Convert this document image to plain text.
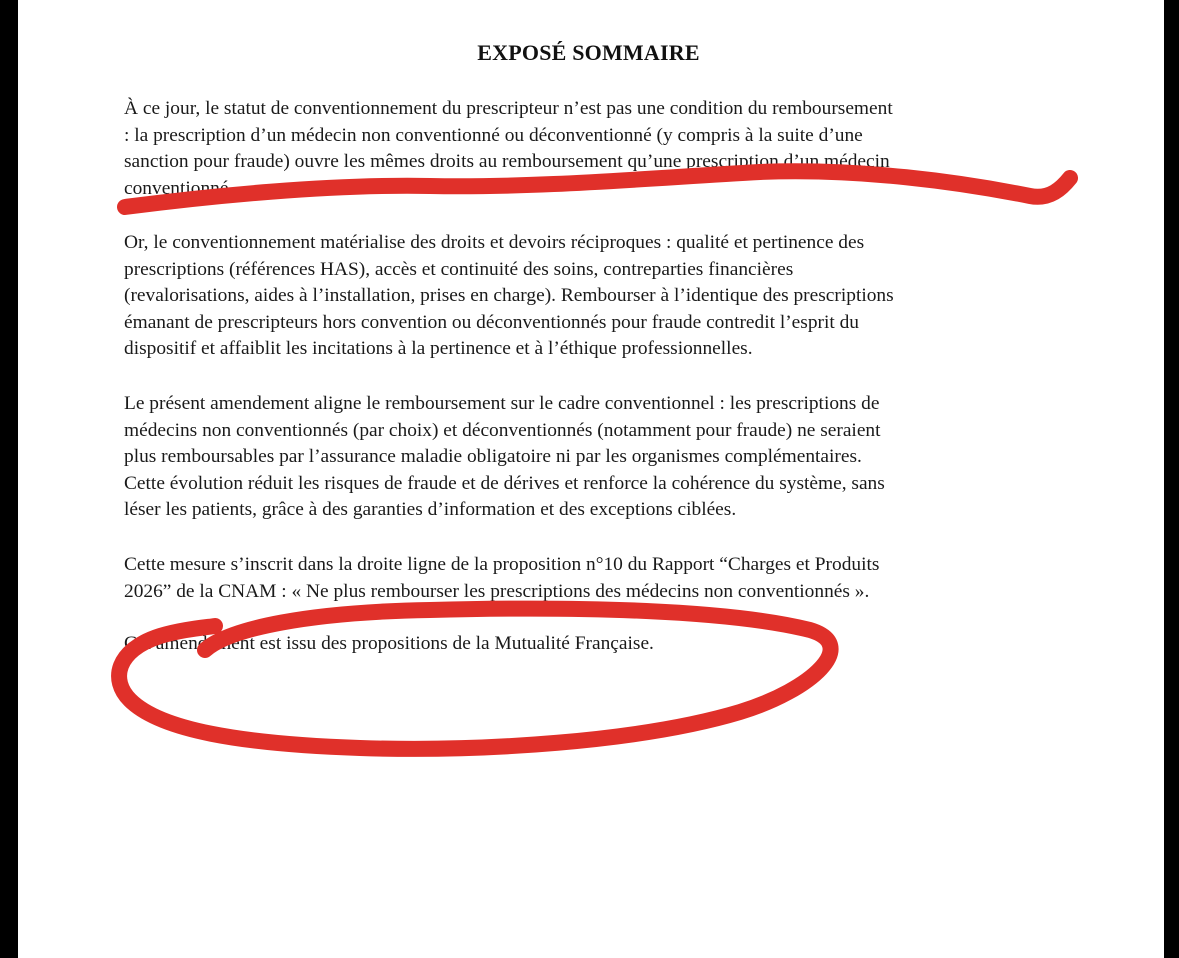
EXPOSÉ SOMMAIRE

À ce jour, le statut de conventionnement du prescripteur n’est pas une condition du remboursement
: la prescription d’un médecin non conventionné ou déconventionné (y compris à la suite d’une
sanction pour fraude) ouvre les mêmes droits au remboursement qu’une prescription d’un médecin
conventionné.

Or, le conventionnement matérialise des droits et devoirs réciproques : qualité et pertinence des
prescriptions (références HAS), accès et continuité des soins, contreparties financières
(revalorisations, aides à l’installation, prises en charge). Rembourser à l’identique des prescriptions
émanant de prescripteurs hors convention ou déconventionnés pour fraude contredit l’esprit du
dispositif et affaiblit les incitations à la pertinence et à l’éthique professionnelles.

Le présent amendement aligne le remboursement sur le cadre conventionnel : les prescriptions de
médecins non conventionnés (par choix) et déconventionnés (notamment pour fraude) ne seraient
plus remboursables par l’assurance maladie obligatoire ni par les organismes complémentaires.
Cette évolution réduit les risques de fraude et de dérives et renforce la cohérence du système, sans
léser les patients, grâce à des garanties d’information et des exceptions ciblées.

Cette mesure s’inscrit dans la droite ligne de la proposition n°10 du Rapport “Charges et Produits
2026” de la CNAM : « Ne plus rembourser les prescriptions des médecins non conventionnés ».

Cet amendement est issu des propositions de la Mutualité Française.
